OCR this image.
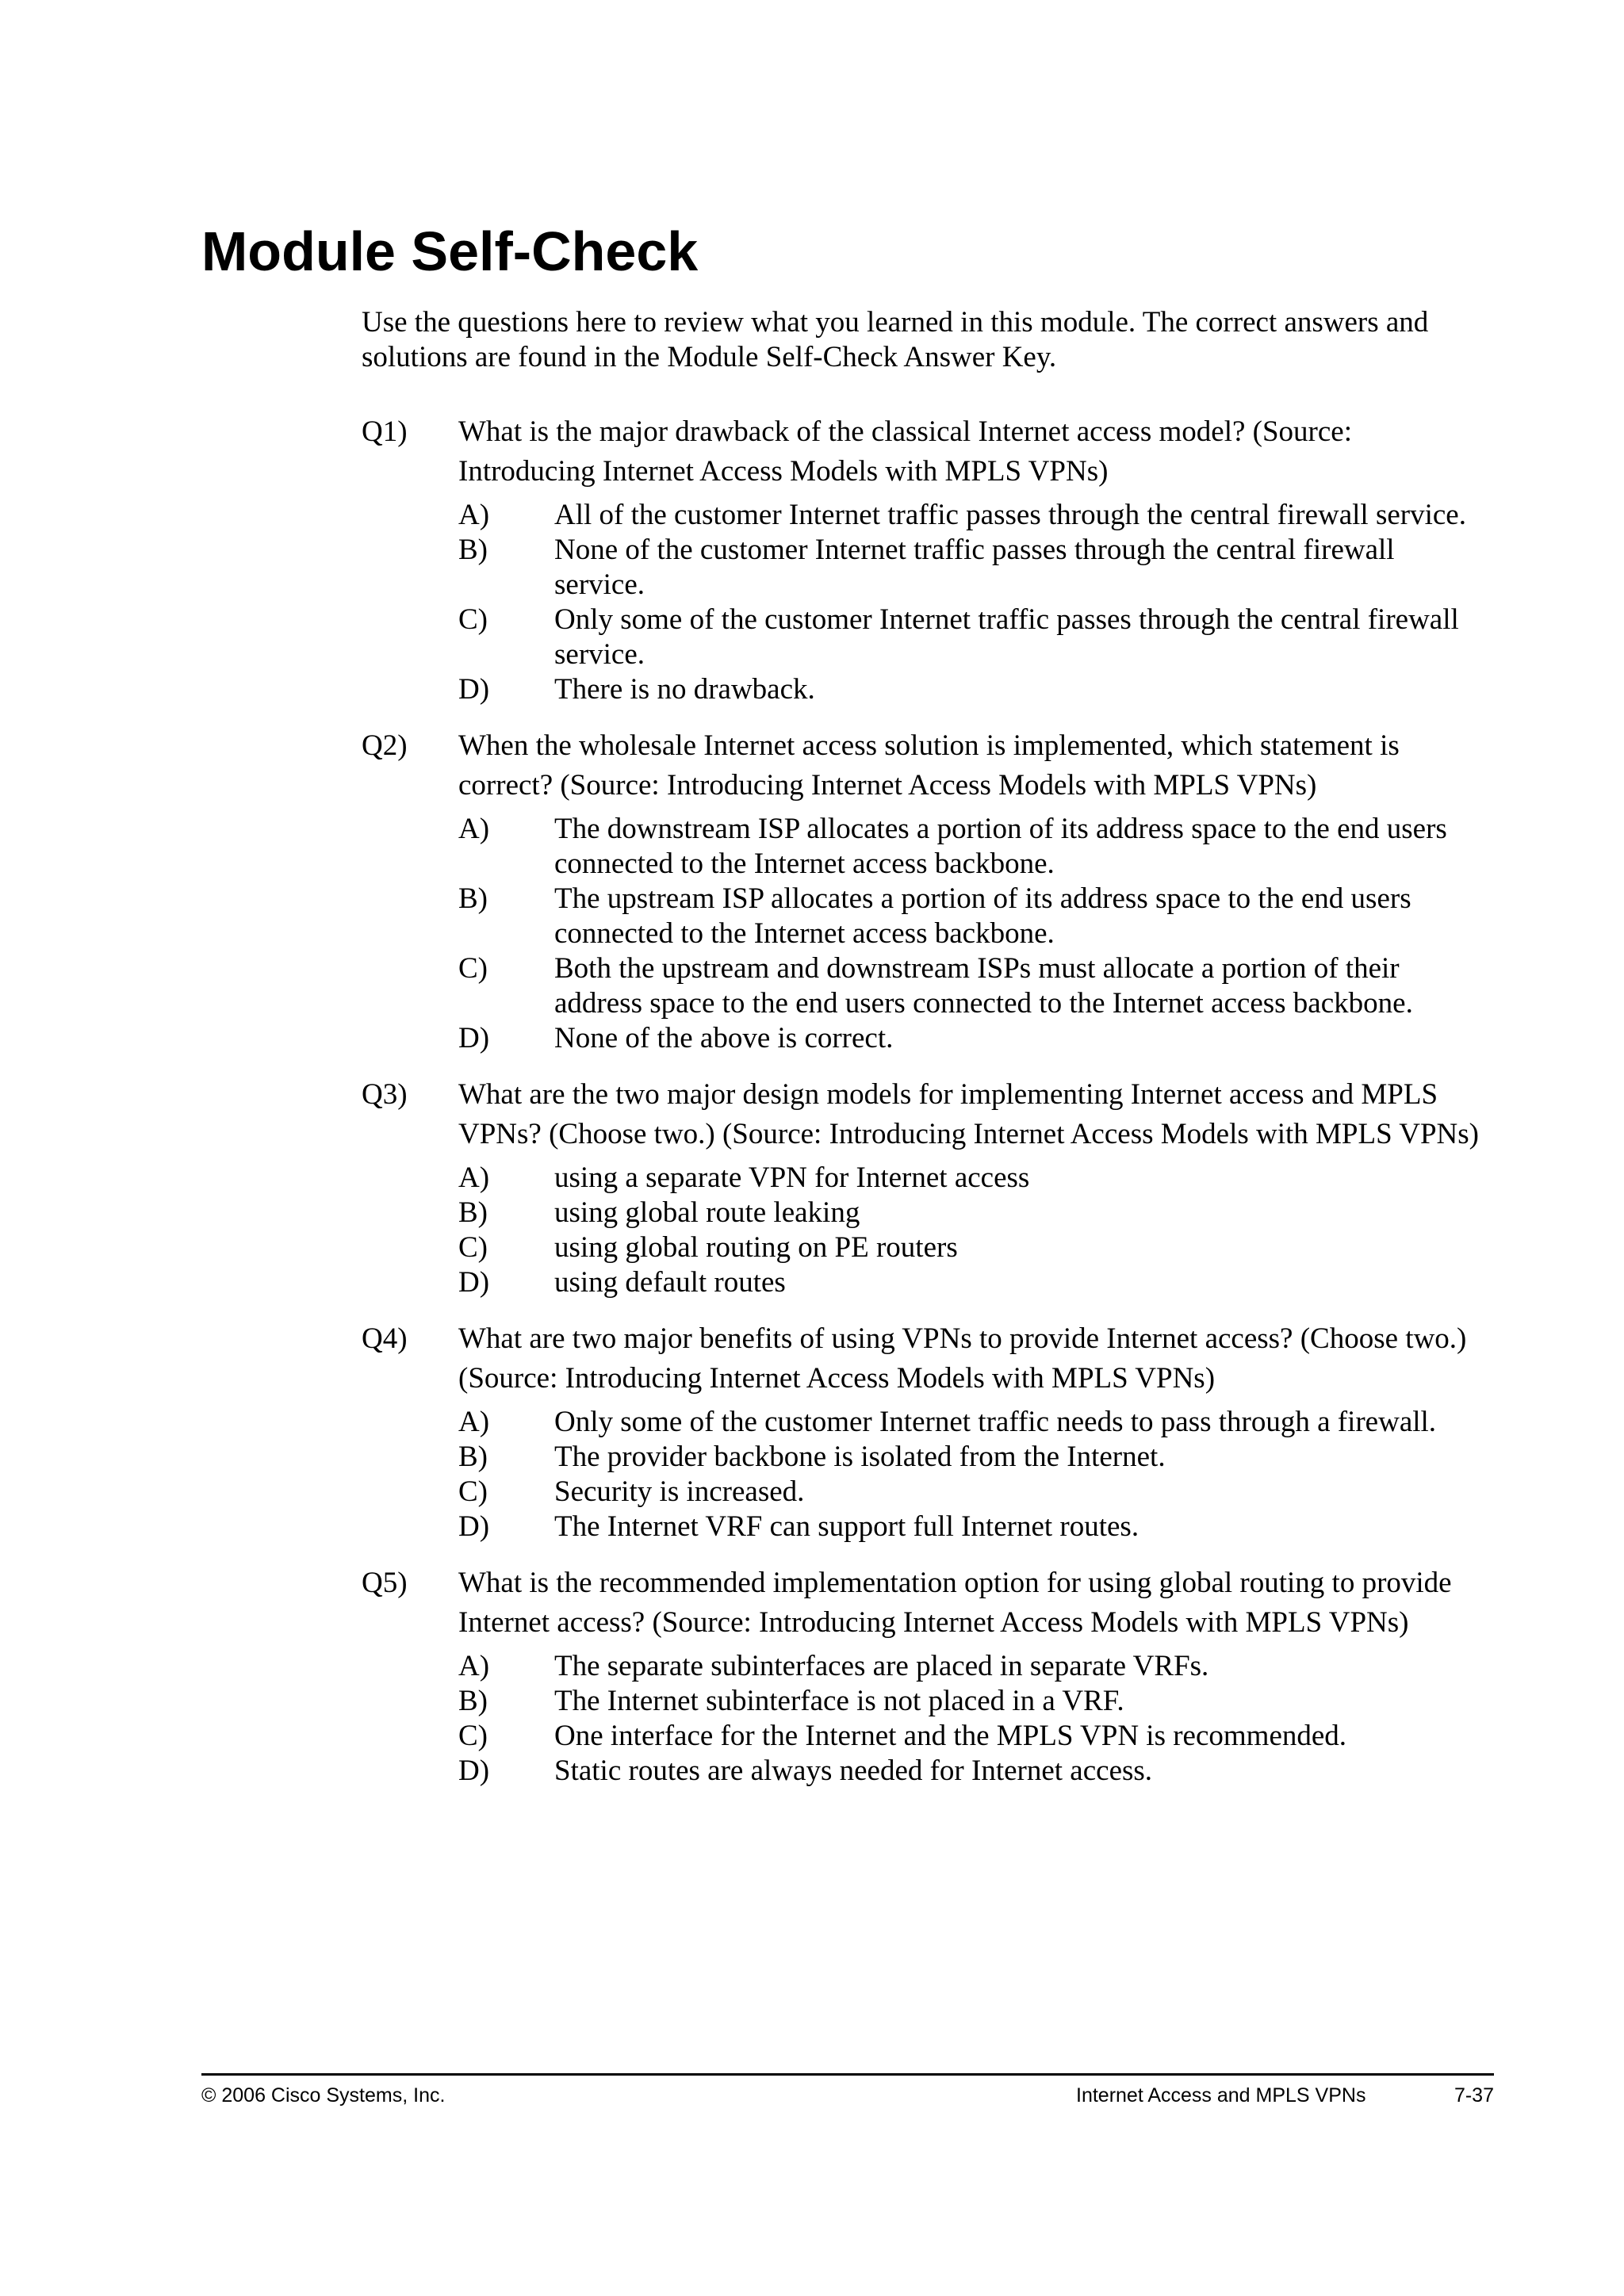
Module Self-Check

Use the questions here to review what you learned in this module. The correct answers and solutions are found in the Module Self-Check Answer Key.

Q1)	What is the major drawback of the classical Internet access model? (Source: Introducing Internet Access Models with MPLS VPNs)
A)	All of the customer Internet traffic passes through the central firewall service.
B)	None of the customer Internet traffic passes through the central firewall service.
C)	Only some of the customer Internet traffic passes through the central firewall service.
D)	There is no drawback.
Q2)	When the wholesale Internet access solution is implemented, which statement is correct? (Source: Introducing Internet Access Models with MPLS VPNs)
A)	The downstream ISP allocates a portion of its address space to the end users connected to the Internet access backbone.
B)	The upstream ISP allocates a portion of its address space to the end users connected to the Internet access backbone.
C)	Both the upstream and downstream ISPs must allocate a portion of their address space to the end users connected to the Internet access backbone.
D)	None of the above is correct.
Q3)	What are the two major design models for implementing Internet access and MPLS VPNs? (Choose two.) (Source: Introducing Internet Access Models with MPLS VPNs)
A)	using a separate VPN for Internet access
B)	using global route leaking
C)	using global routing on PE routers
D)	using default routes
Q4)	What are two major benefits of using VPNs to provide Internet access? (Choose two.) (Source: Introducing Internet Access Models with MPLS VPNs)
A)	Only some of the customer Internet traffic needs to pass through a firewall.
B)	The provider backbone is isolated from the Internet.
C)	Security is increased.
D)	The Internet VRF can support full Internet routes.
Q5)	What is the recommended implementation option for using global routing to provide Internet access? (Source: Introducing Internet Access Models with MPLS VPNs)
A)	The separate subinterfaces are placed in separate VRFs.
B)	The Internet subinterface is not placed in a VRF.
C)	One interface for the Internet and the MPLS VPN is recommended.
D)	Static routes are always needed for Internet access.
© 2006 Cisco Systems, Inc.	Internet Access and MPLS VPNs	7-37
